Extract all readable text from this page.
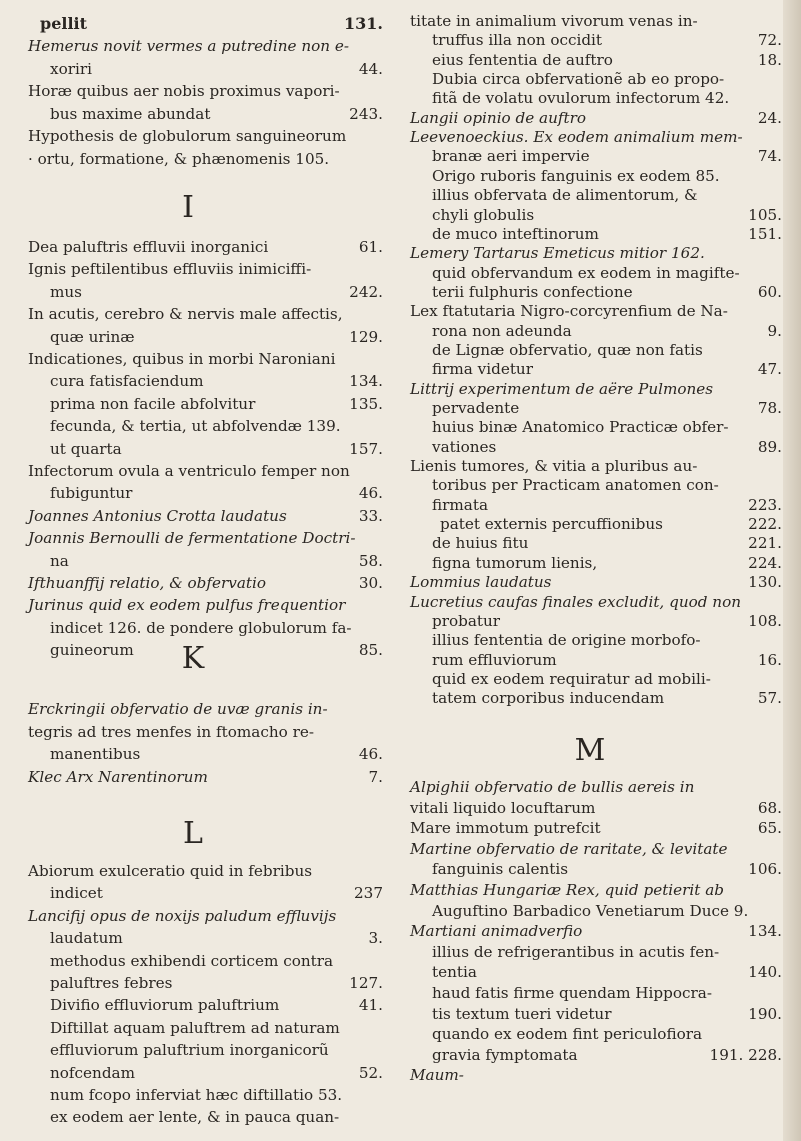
pellit	131.
Hemerus novit vermes a putredine non e-
xoriri	44.
Horæ quibus aer nobis proximus vapori-
bus maxime abundat	243.
Hypothesis de globulorum sanguineorum
· ortu, formatione, & phænomenis 105.
I
Dea paluftris effluvii inorganici	61.
Ignis peftilentibus effluviis inimiciffi-
mus	242.
In acutis, cerebro & nervis male affectis,
quæ urinæ	129.
Indicationes, quibus in morbi Naroniani
cura fatisfaciendum	134.
prima non facile abfolvitur	135.
fecunda, & tertia, ut abfolvendæ 139.
ut quarta	157.
Infectorum ovula a ventriculo femper non
fubiguntur	46.
Joannes Antonius Crotta laudatus	33.
Joannis Bernoulli de fermentatione Doctri-
na	58.
Ifthuanffij relatio, & obfervatio	30.
Jurinus quid ex eodem pulfus frequentior
indicet 126. de pondere globulorum fa-
guineorum	85.
K
Erckringii obfervatio de uvæ granis in-
tegris ad tres menfes in ftomacho re-
manentibus	46.
Klec Arx Narentinorum	7.
L
Abiorum exulceratio quid in febribus
indicet	237
Lancifij opus de noxijs paludum effluvijs
laudatum	3.
methodus exhibendi corticem contra
paluftres febres	127.
Divifio effluviorum paluftrium	41.
Diftillat aquam paluftrem ad naturam
effluviorum paluftrium inorganicorũ
nofcendam	52.
num fcopo inferviat hæc diftillatio 53.
ex eodem aer lente, & in pauca quan-
titate in animalium vivorum venas in-
truffus illa non occidit	72.
eius fententia de auftro	18.
Dubia circa obfervationẽ ab eo propo-
fitã de volatu ovulorum infectorum 42.
Langii opinio de auftro	24.
Leevenoeckius. Ex eodem animalium mem-
branæ aeri impervie	74.
Origo ruboris fanguinis ex eodem 85.
illius obfervata de alimentorum, &
chyli globulis	105.
de muco inteftinorum	151.
Lemery Tartarus Emeticus mitior 162.
quid obfervandum ex eodem in magifte-
terii fulphuris confectione	60.
Lex ftatutaria Nigro-corcyrenfium de Na-
rona non adeunda	9.
de Lignæ obfervatio, quæ non fatis
firma videtur	47.
Littrij experimentum de aëre Pulmones
pervadente	78.
huius binæ Anatomico Practicæ obfer-
vationes	89.
Lienis tumores, & vitia a pluribus au-
toribus per Practicam anatomen con-
firmata	223.
patet externis percuffionibus	222.
de huius fitu	221.
figna tumorum lienis,	224.
Lommius laudatus	130.
Lucretius caufas finales excludit, quod non
probatur	108.
illius fententia de origine morbofo-
rum effluviorum	16.
quid ex eodem requiratur ad mobili-
tatem corporibus inducendam	57.
M
Alpighii obfervatio de bullis aereis in
vitali liquido locuftarum	68.
Mare immotum putrefcit	65.
Martine obfervatio de raritate, & levitate
fanguinis calentis	106.
Matthias Hungariæ Rex, quid petierit ab
Auguftino Barbadico Venetiarum Duce 9.
Martiani animadverfio	134.
illius de refrigerantibus in acutis fen-
tentia	140.
haud fatis firme quendam Hippocra-
tis textum tueri videtur	190.
quando ex eodem fint periculofiora
gravia fymptomata	191. 228.
Maum-
